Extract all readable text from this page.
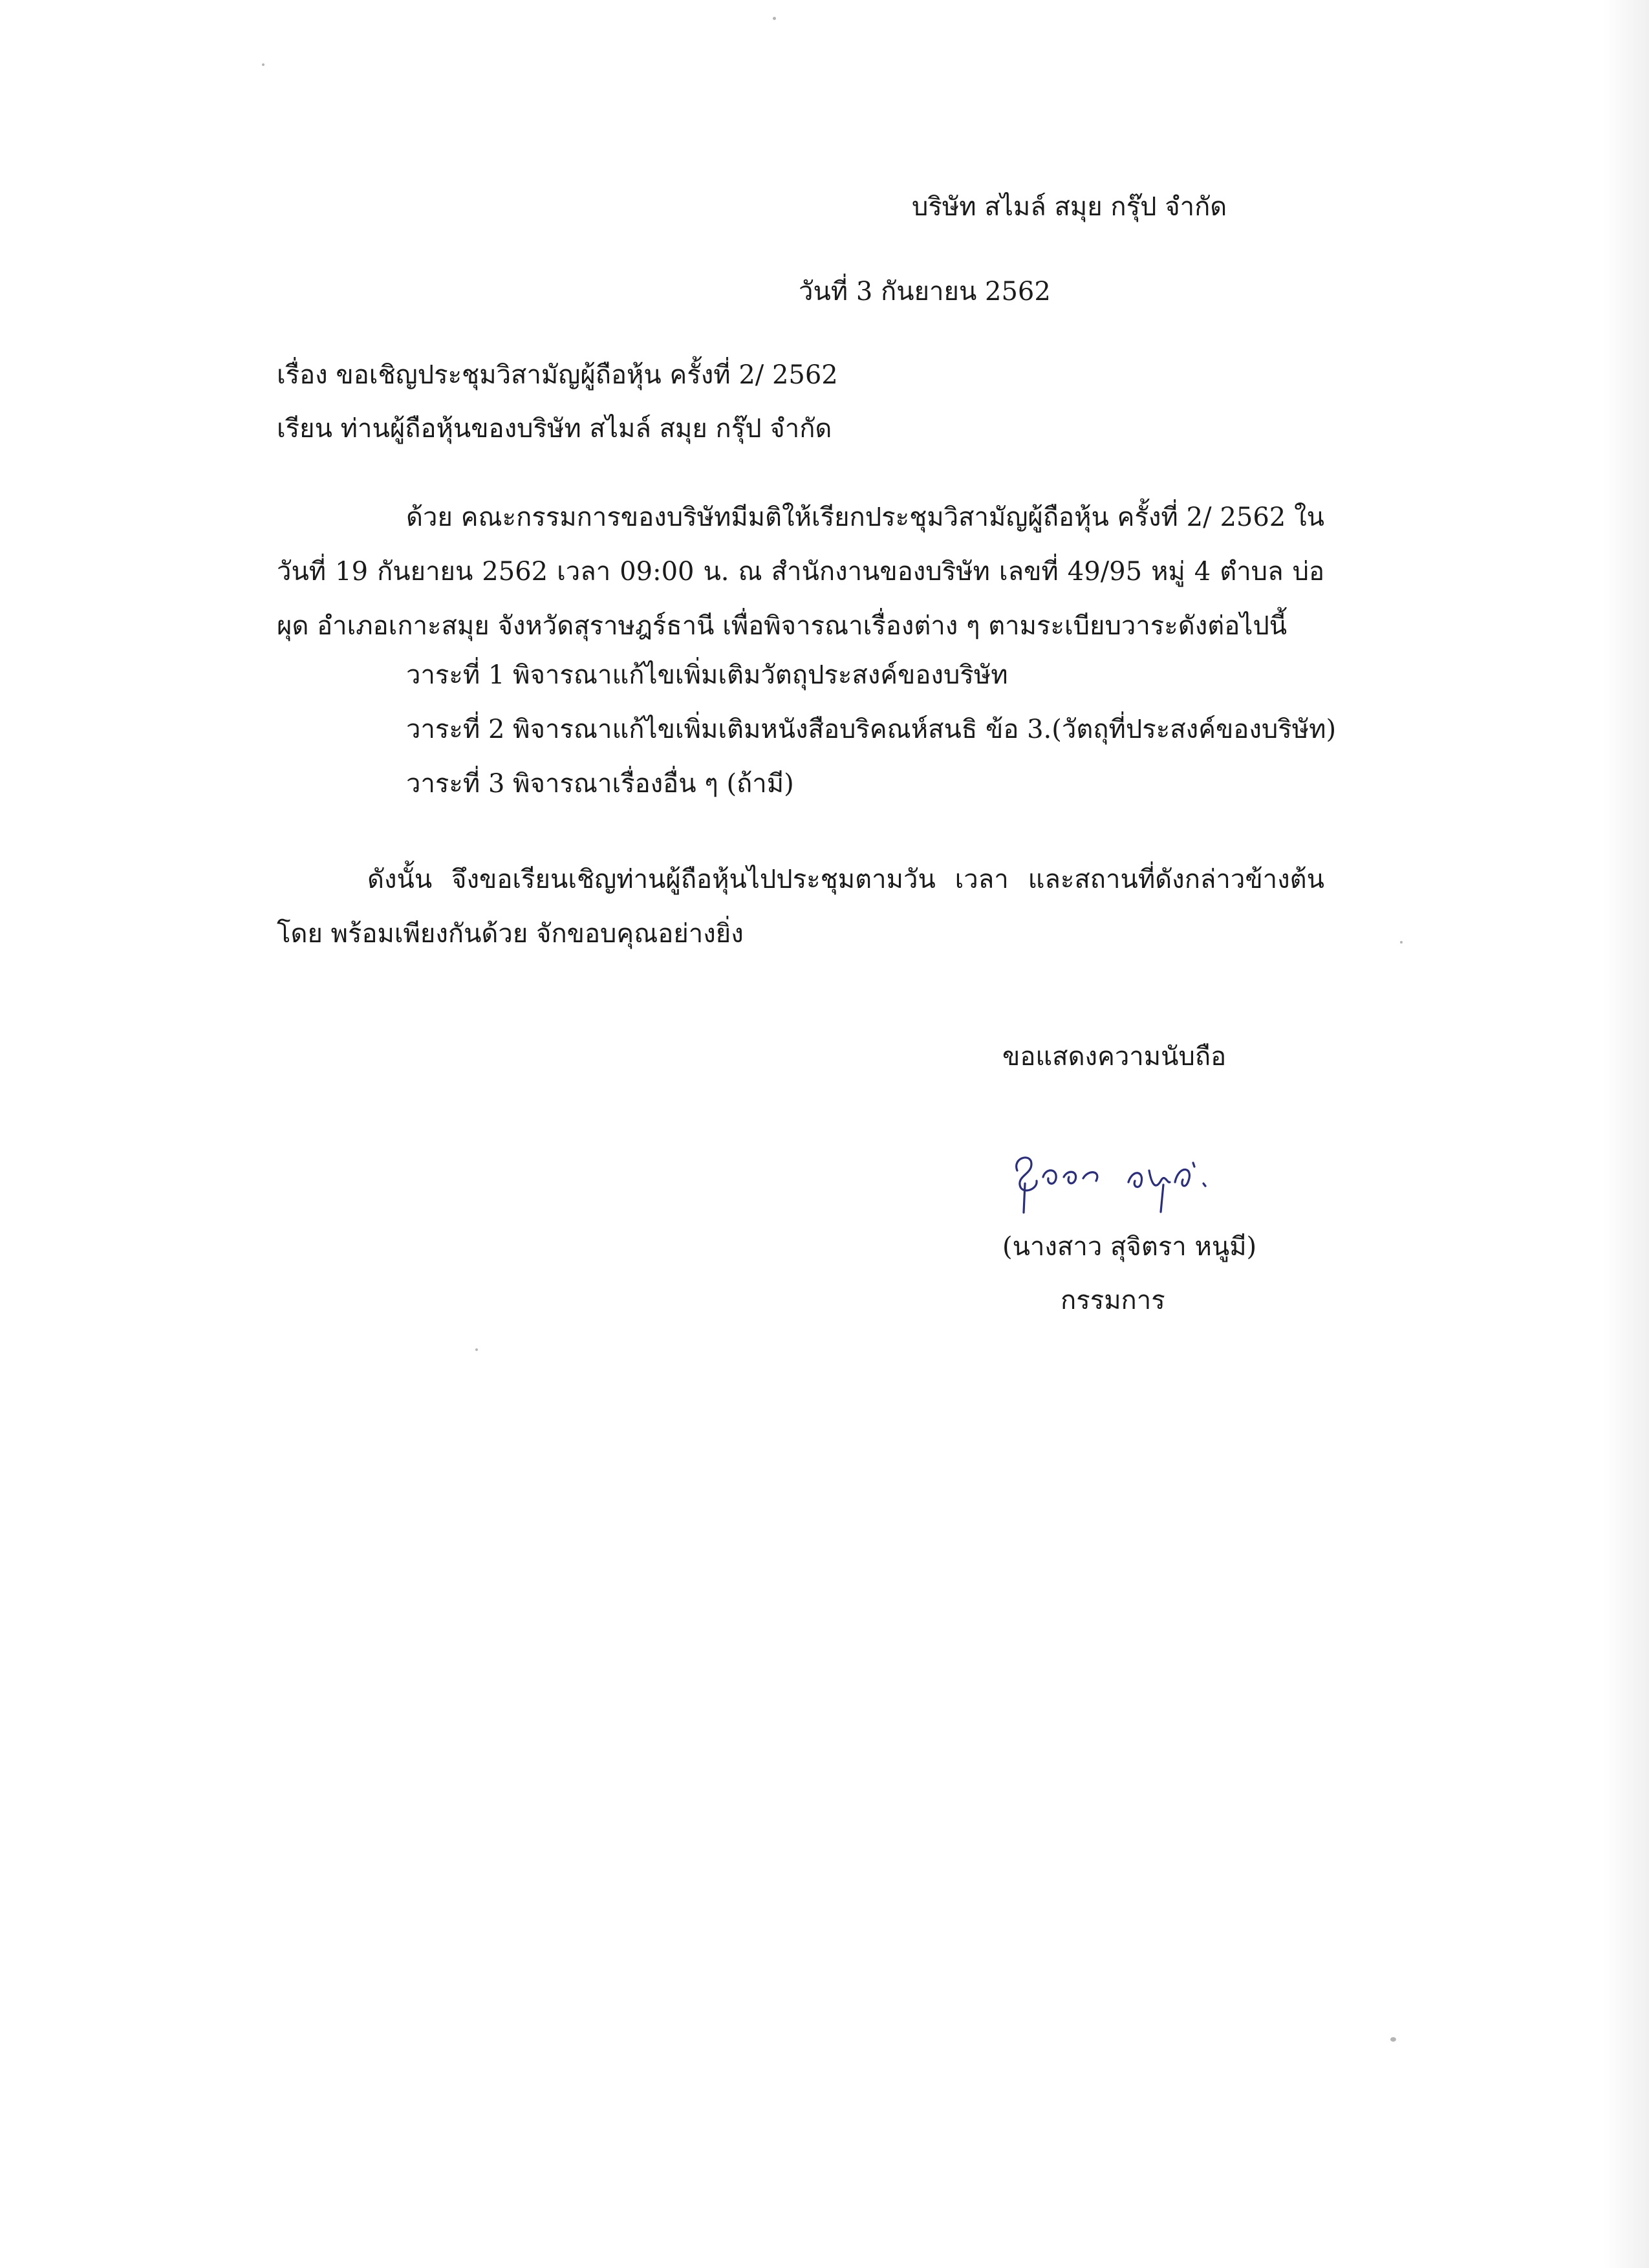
บริษัท สไมล์ สมุย กรุ๊ป จำกัด
วันที่ 3 กันยายน 2562
เรื่อง ขอเชิญประชุมวิสามัญผู้ถือหุ้น ครั้งที่ 2/ 2562
เรียน ท่านผู้ถือหุ้นของบริษัท สไมล์ สมุย กรุ๊ป จำกัด
ด้วย คณะกรรมการของบริษัทมีมติให้เรียกประชุมวิสามัญผู้ถือหุ้น ครั้งที่ 2/ 2562 ใน วันที่ 19 กันยายน 2562 เวลา 09:00 น. ณ สำนักงานของบริษัท เลขที่ 49/95 หมู่ 4 ตำบล บ่อผุด อำเภอเกาะสมุย จังหวัดสุราษฎร์ธานี เพื่อพิจารณาเรื่องต่าง ๆ ตามระเบียบวาระดังต่อไปนี้
วาระที่ 1 พิจารณาแก้ไขเพิ่มเติมวัตถุประสงค์ของบริษัท
วาระที่ 2 พิจารณาแก้ไขเพิ่มเติมหนังสือบริคณห์สนธิ ข้อ 3.(วัตถุที่ประสงค์ของบริษัท)
วาระที่ 3 พิจารณาเรื่องอื่น ๆ (ถ้ามี)
ดังนั้น จึงขอเรียนเชิญท่านผู้ถือหุ้นไปประชุมตามวัน เวลา และสถานที่ดังกล่าวข้างต้นโดย พร้อมเพียงกันด้วย จักขอบคุณอย่างยิ่ง
ขอแสดงความนับถือ
(นางสาว สุจิตรา หนูมี)
กรรมการ
